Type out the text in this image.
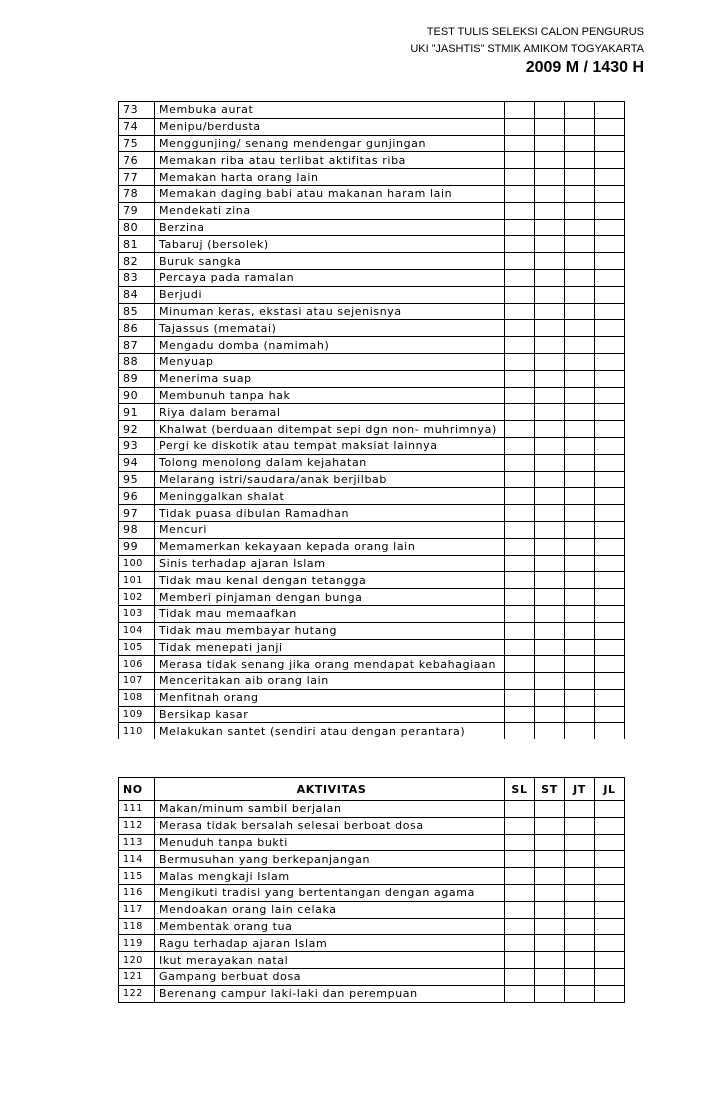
TEST TULIS SELEKSI CALON PENGURUS
UKI ”JASHTIS” STMIK AMIKOM TOGYAKARTA
2009 M / 1430 H
73	Membuka aurat				
74	Menipu/berdusta				
75	Menggunjing/ senang mendengar gunjingan				
76	Memakan riba atau terlibat aktifitas riba				
77	Memakan harta orang lain				
78	Memakan daging babi atau makanan haram lain				
79	Mendekati zina				
80	Berzina				
81	Tabaruj (bersolek)				
82	Buruk sangka				
83	Percaya pada ramalan				
84	Berjudi				
85	Minuman keras, ekstasi atau sejenisnya				
86	Tajassus (mematai)				
87	Mengadu domba (namimah)				
88	Menyuap				
89	Menerima suap				
90	Membunuh tanpa hak				
91	Riya dalam beramal				
92	Khalwat (berduaan ditempat sepi dgn non- muhrimnya)				
93	Pergi ke diskotik atau tempat maksiat lainnya				
94	Tolong menolong dalam kejahatan				
95	Melarang istri/saudara/anak berjilbab				
96	Meninggalkan shalat				
97	Tidak puasa dibulan Ramadhan				
98	Mencuri				
99	Memamerkan kekayaan kepada orang lain				
100	Sinis terhadap ajaran Islam				
101	Tidak mau kenal dengan tetangga				
102	Memberi pinjaman dengan bunga				
103	Tidak mau memaafkan				
104	Tidak mau membayar hutang				
105	Tidak menepati janji				
106	Merasa tidak senang jika orang mendapat kebahagiaan				
107	Menceritakan aib orang lain				
108	Menfitnah orang				
109	Bersikap kasar				
110	Melakukan santet (sendiri atau dengan perantara)				
NO	AKTIVITAS	SL	ST	JT	JL
111	Makan/minum sambil berjalan				
112	Merasa tidak bersalah selesai berboat dosa				
113	Menuduh tanpa bukti				
114	Bermusuhan yang berkepanjangan				
115	Malas mengkaji Islam				
116	Mengikuti tradisi yang bertentangan dengan agama				
117	Mendoakan orang lain celaka				
118	Membentak orang tua				
119	Ragu terhadap ajaran Islam				
120	Ikut merayakan natal				
121	Gampang berbuat dosa				
122	Berenang campur laki-laki dan perempuan				
